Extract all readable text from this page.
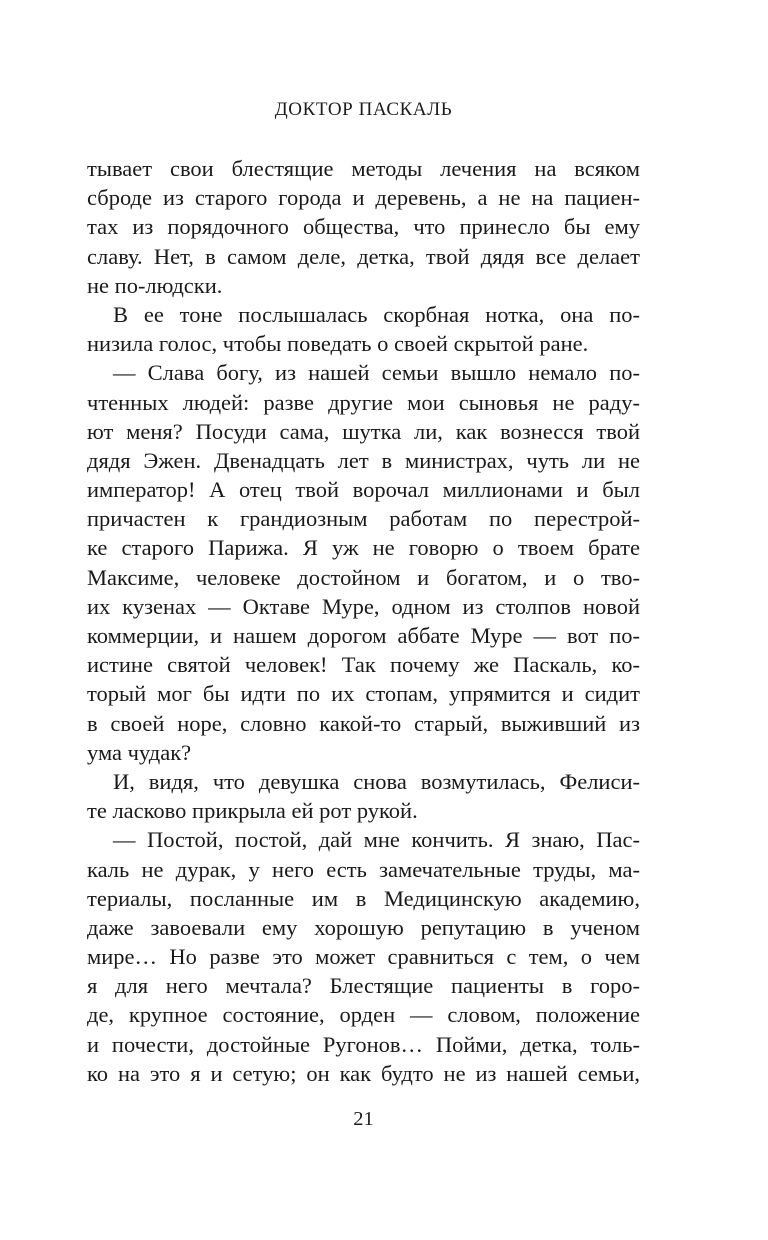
ДОКТОР ПАСКАЛЬ
тывает свои блестящие методы лечения на всяком
сброде из старого города и деревень, а не на пациен-
тах из порядочного общества, что принесло бы ему
славу. Нет, в самом деле, детка, твой дядя все делает
не по-людски.
В ее тоне послышалась скорбная нотка, она по-
низила голос, чтобы поведать о своей скрытой ране.
— Слава богу, из нашей семьи вышло немало по-
чтенных людей: разве другие мои сыновья не раду-
ют меня? Посуди сама, шутка ли, как вознесся твой
дядя Эжен. Двенадцать лет в министрах, чуть ли не
император! А отец твой ворочал миллионами и был
причастен к грандиозным работам по перестрой-
ке старого Парижа. Я уж не говорю о твоем брате
Максиме, человеке достойном и богатом, и о тво-
их кузенах — Октаве Муре, одном из столпов новой
коммерции, и нашем дорогом аббате Муре — вот по-
истине святой человек! Так почему же Паскаль, ко-
торый мог бы идти по их стопам, упрямится и сидит
в своей норе, словно какой-то старый, выживший из
ума чудак?
И, видя, что девушка снова возмутилась, Фелиси-
те ласково прикрыла ей рот рукой.
— Постой, постой, дай мне кончить. Я знаю, Пас-
каль не дурак, у него есть замечательные труды, ма-
териалы, посланные им в Медицинскую академию,
даже завоевали ему хорошую репутацию в ученом
мире… Но разве это может сравниться с тем, о чем
я для него мечтала? Блестящие пациенты в горо-
де, крупное состояние, орден — словом, положение
и почести, достойные Ругонов… Пойми, детка, толь-
ко на это я и сетую; он как будто не из нашей семьи,
21
